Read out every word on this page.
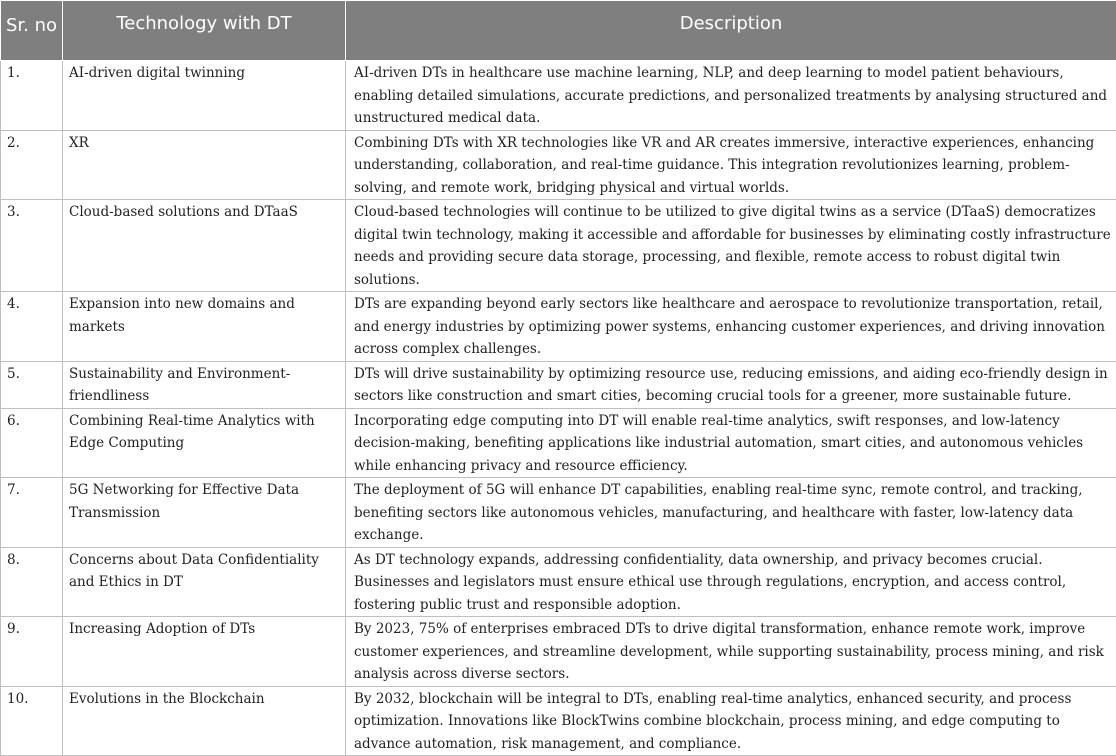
Sr. no	Technology with DT	Description
1.	AI-driven digital twinning	AI-driven DTs in healthcare use machine learning, NLP, and deep learning to model patient behaviours, enabling detailed simulations, accurate predictions, and personalized treatments by analysing structured and unstructured medical data.
2.	XR	Combining DTs with XR technologies like VR and AR creates immersive, interactive experiences, enhancing understanding, collaboration, and real-time guidance. This integration revolutionizes learning, problem-solving, and remote work, bridging physical and virtual worlds.
3.	Cloud-based solutions and DTaaS	Cloud-based technologies will continue to be utilized to give digital twins as a service (DTaaS) democratizes digital twin technology, making it accessible and affordable for businesses by eliminating costly infrastructure needs and providing secure data storage, processing, and flexible, remote access to robust digital twin solutions.
4.	Expansion into new domains and markets	DTs are expanding beyond early sectors like healthcare and aerospace to revolutionize transportation, retail, and energy industries by optimizing power systems, enhancing customer experiences, and driving innovation across complex challenges.
5.	Sustainability and Environment-friendliness	DTs will drive sustainability by optimizing resource use, reducing emissions, and aiding eco-friendly design in sectors like construction and smart cities, becoming crucial tools for a greener, more sustainable future.
6.	Combining Real-time Analytics with Edge Computing	Incorporating edge computing into DT will enable real-time analytics, swift responses, and low-latency decision-making, benefiting applications like industrial automation, smart cities, and autonomous vehicles while enhancing privacy and resource efficiency.
7.	5G Networking for Effective Data Transmission	The deployment of 5G will enhance DT capabilities, enabling real-time sync, remote control, and tracking, benefiting sectors like autonomous vehicles, manufacturing, and healthcare with faster, low-latency data exchange.
8.	Concerns about Data Confidentiality and Ethics in DT	As DT technology expands, addressing confidentiality, data ownership, and privacy becomes crucial. Businesses and legislators must ensure ethical use through regulations, encryption, and access control, fostering public trust and responsible adoption.
9.	Increasing Adoption of DTs	By 2023, 75% of enterprises embraced DTs to drive digital transformation, enhance remote work, improve customer experiences, and streamline development, while supporting sustainability, process mining, and risk analysis across diverse sectors.
10.	Evolutions in the Blockchain	By 2032, blockchain will be integral to DTs, enabling real-time analytics, enhanced security, and process optimization. Innovations like BlockTwins combine blockchain, process mining, and edge computing to advance automation, risk management, and compliance.
